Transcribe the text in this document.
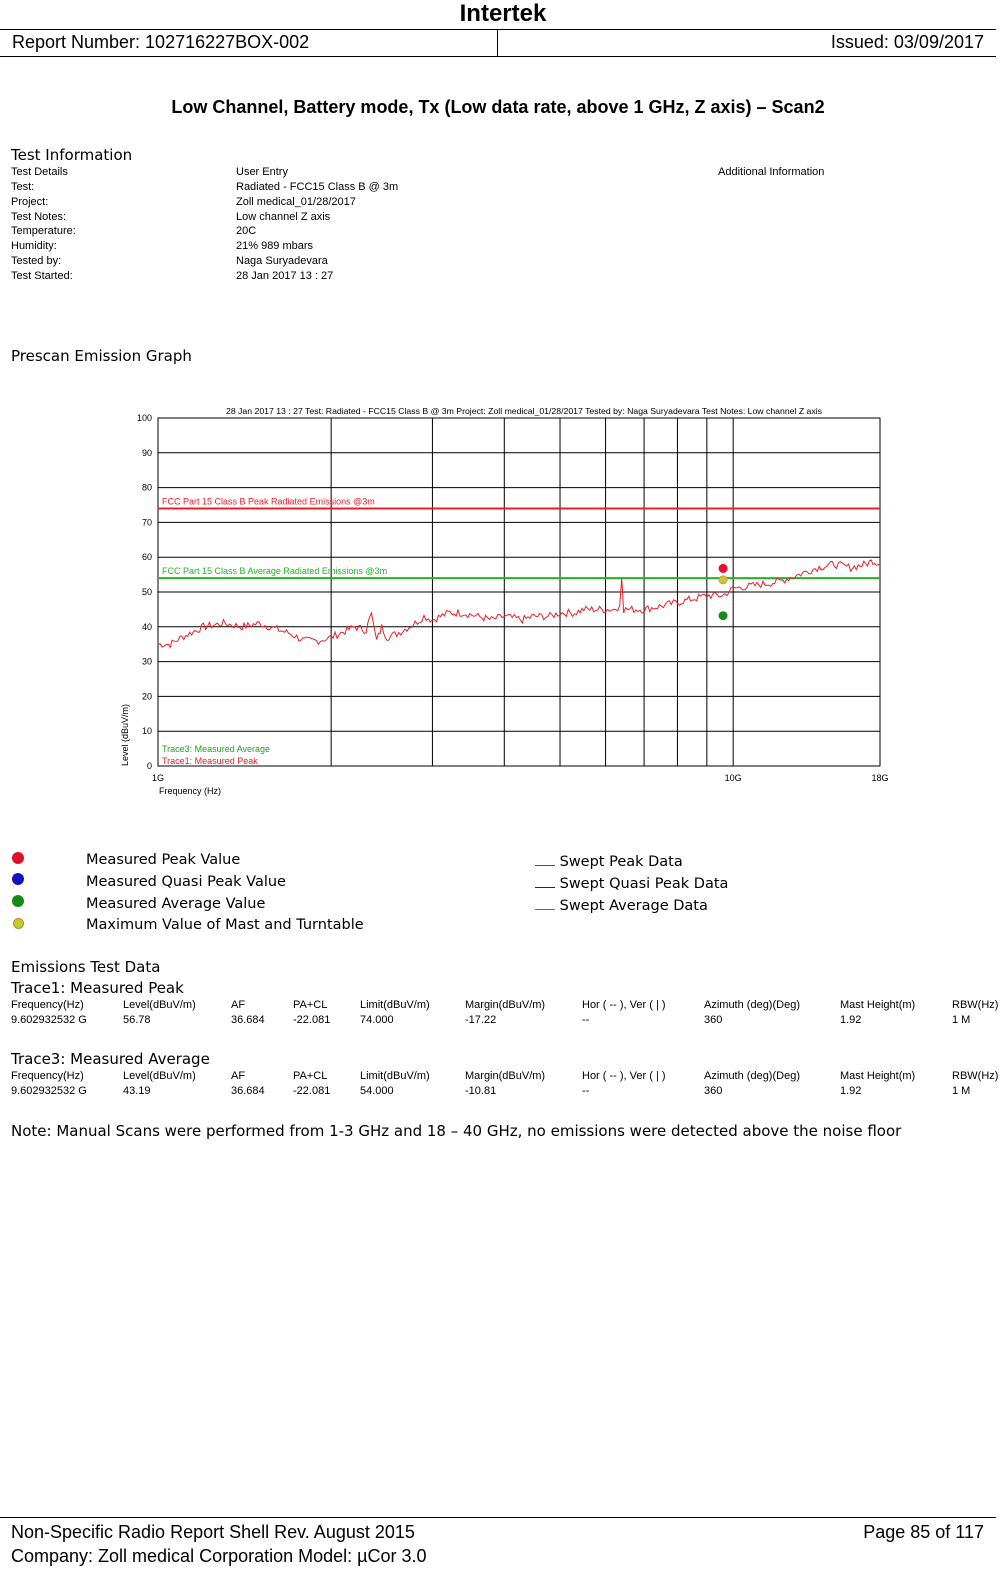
Intertek
Report Number: 102716227BOX-002	Issued: 03/09/2017
Low Channel, Battery mode, Tx (Low data rate, above 1 GHz, Z axis) – Scan2
Test Information
Test Details	User Entry	Additional Information
Test:	Radiated - FCC15 Class B @ 3m
Project:	Zoll medical_01/28/2017
Test Notes:	Low channel Z axis
Temperature:	20C
Humidity:	21% 989 mbars
Tested by:	Naga Suryadevara
Test Started:	28 Jan 2017 13 : 27
Prescan Emission Graph
0
10
20
30
40
50
60
70
80
90
100
1G	10G	18G
Frequency (Hz)
Level (dBuV/m)
28 Jan 2017 13 : 27 Test: Radiated - FCC15 Class B @ 3m Project: Zoll medical_01/28/2017 Tested by: Naga Suryadevara Test Notes: Low channel Z axis
FCC Part 15 Class B Peak Radiated Emissions @3m
FCC Part 15 Class B Average Radiated Emissions @3m
Trace3: Measured Average
Trace1: Measured Peak
Measured Peak Value
Measured Quasi Peak Value
Measured Average Value
Maximum Value of Mast and Turntable
Swept Peak Data
Swept Quasi Peak Data
Swept Average Data
Emissions Test Data
Trace1: Measured Peak
Frequency(Hz)	Level(dBuV/m)	AF	PA+CL	Limit(dBuV/m)	Margin(dBuV/m)	Hor ( -- ), Ver ( | )	Azimuth (deg)(Deg)	Mast Height(m)	RBW(Hz)
9.602932532 G	56.78	36.684	-22.081	74.000	-17.22	--	360	1.92	1 M
Trace3: Measured Average
Frequency(Hz)	Level(dBuV/m)	AF	PA+CL	Limit(dBuV/m)	Margin(dBuV/m)	Hor ( -- ), Ver ( | )	Azimuth (deg)(Deg)	Mast Height(m)	RBW(Hz)
9.602932532 G	43.19	36.684	-22.081	54.000	-10.81	--	360	1.92	1 M
Note: Manual Scans were performed from 1-3 GHz and 18 – 40 GHz, no emissions were detected above the noise floor
Non-Specific Radio Report Shell Rev. August 2015	Page 85 of 117
Company: Zoll medical Corporation Model: µCor 3.0
